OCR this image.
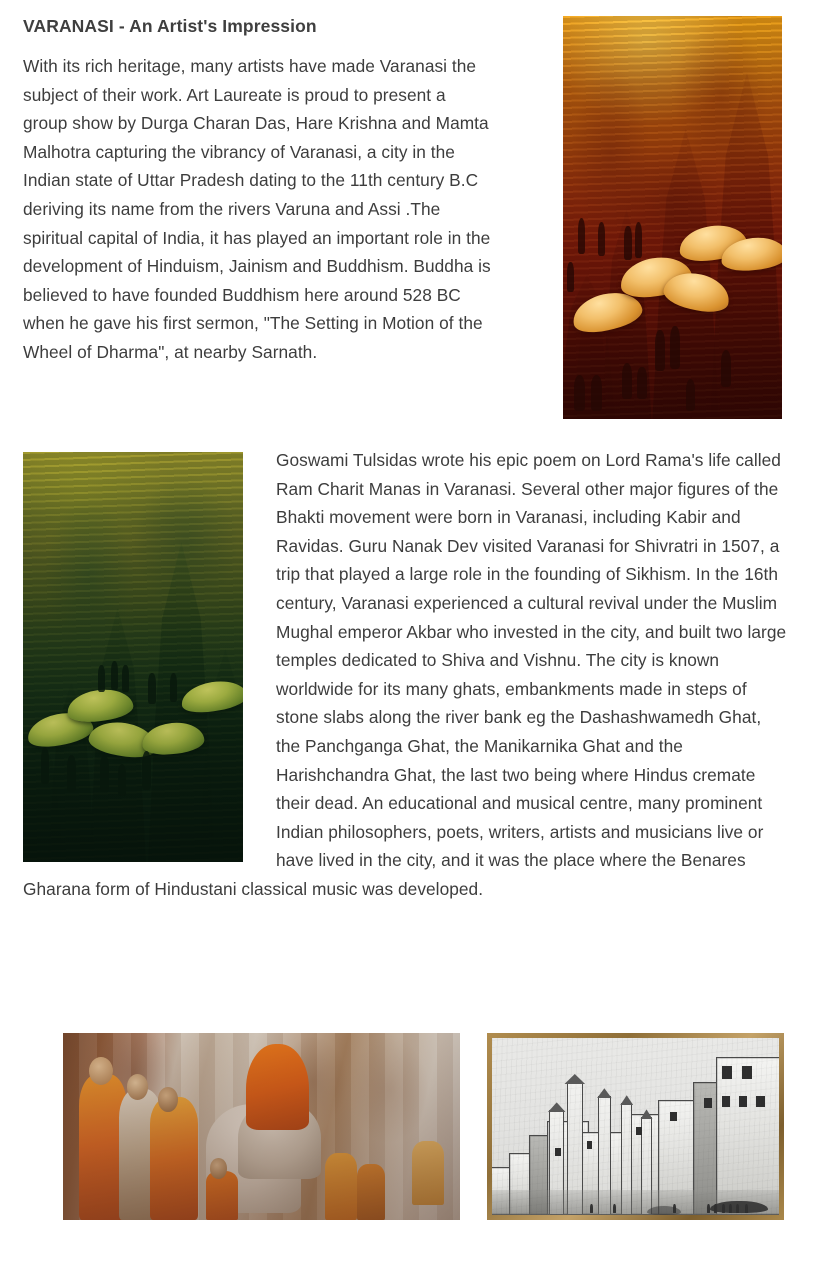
VARANASI - An Artist's Impression

With its rich heritage, many artists have made Varanasi the subject of their work. Art Laureate is proud to present a group show by Durga Charan Das, Hare Krishna and Mamta Malhotra capturing the vibrancy of Varanasi, a city in the Indian state of Uttar Pradesh dating to the 11th century B.C deriving its name from the rivers Varuna and Assi .The spiritual capital of India, it has played an important role in the development of Hinduism, Jainism and Buddhism. Buddha is believed to have founded Buddhism here around 528 BC when he gave his first sermon, "The Setting in Motion of the Wheel of Dharma", at nearby Sarnath.

Goswami Tulsidas wrote his epic poem on Lord Rama's life called Ram Charit Manas in Varanasi. Several other major figures of the Bhakti movement were born in Varanasi, including Kabir and Ravidas. Guru Nanak Dev visited Varanasi for Shivratri in 1507, a trip that played a large role in the founding of Sikhism. In the 16th century, Varanasi experienced a cultural revival under the Muslim Mughal emperor Akbar who invested in the city, and built two large temples dedicated to Shiva and Vishnu. The city is known worldwide for its many ghats, embankments made in steps of stone slabs along the river bank eg the Dashashwamedh Ghat, the Panchganga Ghat, the Manikarnika Ghat and the Harishchandra Ghat, the last two being where Hindus cremate their dead. An educational and musical centre, many prominent Indian philosophers, poets, writers, artists and musicians live or have lived in the city, and it was the place where the Benares Gharana form of Hindustani classical music was developed.
